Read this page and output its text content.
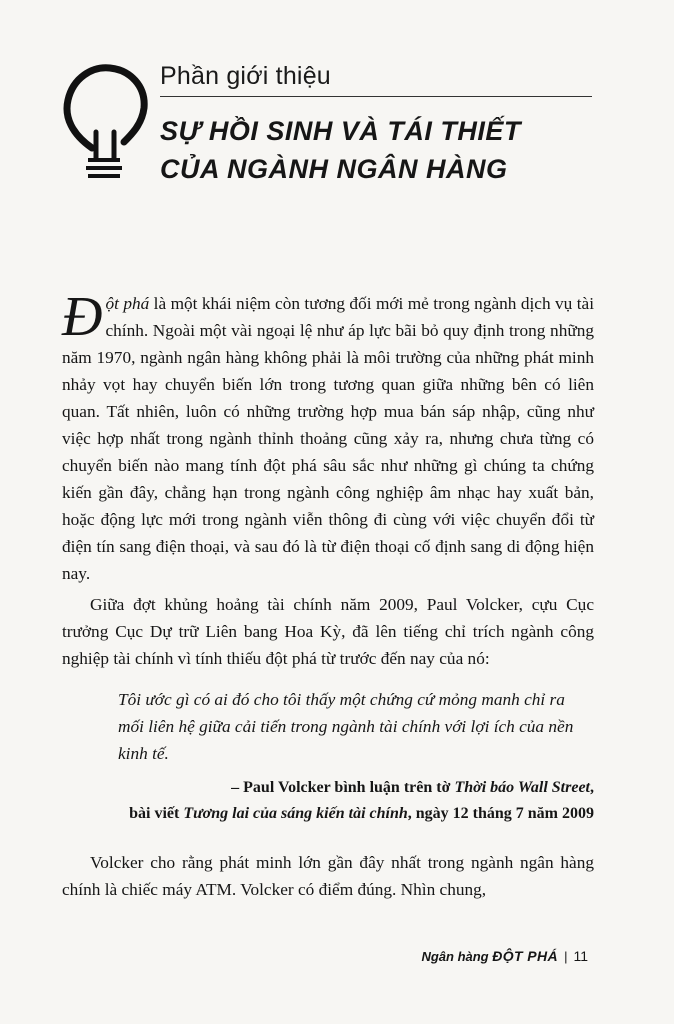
Phần giới thiệu
SỰ HỒI SINH VÀ TÁI THIẾT
CỦA NGÀNH NGÂN HÀNG

Đột phá là một khái niệm còn tương đối mới mẻ trong ngành dịch vụ tài chính. Ngoài một vài ngoại lệ như áp lực bãi bỏ quy định trong những năm 1970, ngành ngân hàng không phải là môi trường của những phát minh nhảy vọt hay chuyển biến lớn trong tương quan giữa những bên có liên quan. Tất nhiên, luôn có những trường hợp mua bán sáp nhập, cũng như việc hợp nhất trong ngành thỉnh thoảng cũng xảy ra, nhưng chưa từng có chuyển biến nào mang tính đột phá sâu sắc như những gì chúng ta chứng kiến gần đây, chẳng hạn trong ngành công nghiệp âm nhạc hay xuất bản, hoặc động lực mới trong ngành viễn thông đi cùng với việc chuyển đổi từ điện tín sang điện thoại, và sau đó là từ điện thoại cố định sang di động hiện nay.

Giữa đợt khủng hoảng tài chính năm 2009, Paul Volcker, cựu Cục trưởng Cục Dự trữ Liên bang Hoa Kỳ, đã lên tiếng chỉ trích ngành công nghiệp tài chính vì tính thiếu đột phá từ trước đến nay của nó:

Tôi ước gì có ai đó cho tôi thấy một chứng cứ mỏng manh chỉ ra mối liên hệ giữa cải tiến trong ngành tài chính với lợi ích của nền kinh tế.

– Paul Volcker bình luận trên tờ Thời báo Wall Street,
bài viết Tương lai của sáng kiến tài chính, ngày 12 tháng 7 năm 2009

Volcker cho rằng phát minh lớn gần đây nhất trong ngành ngân hàng chính là chiếc máy ATM. Volcker có điểm đúng. Nhìn chung,

Ngân hàng ĐỘT PHÁ | 11
